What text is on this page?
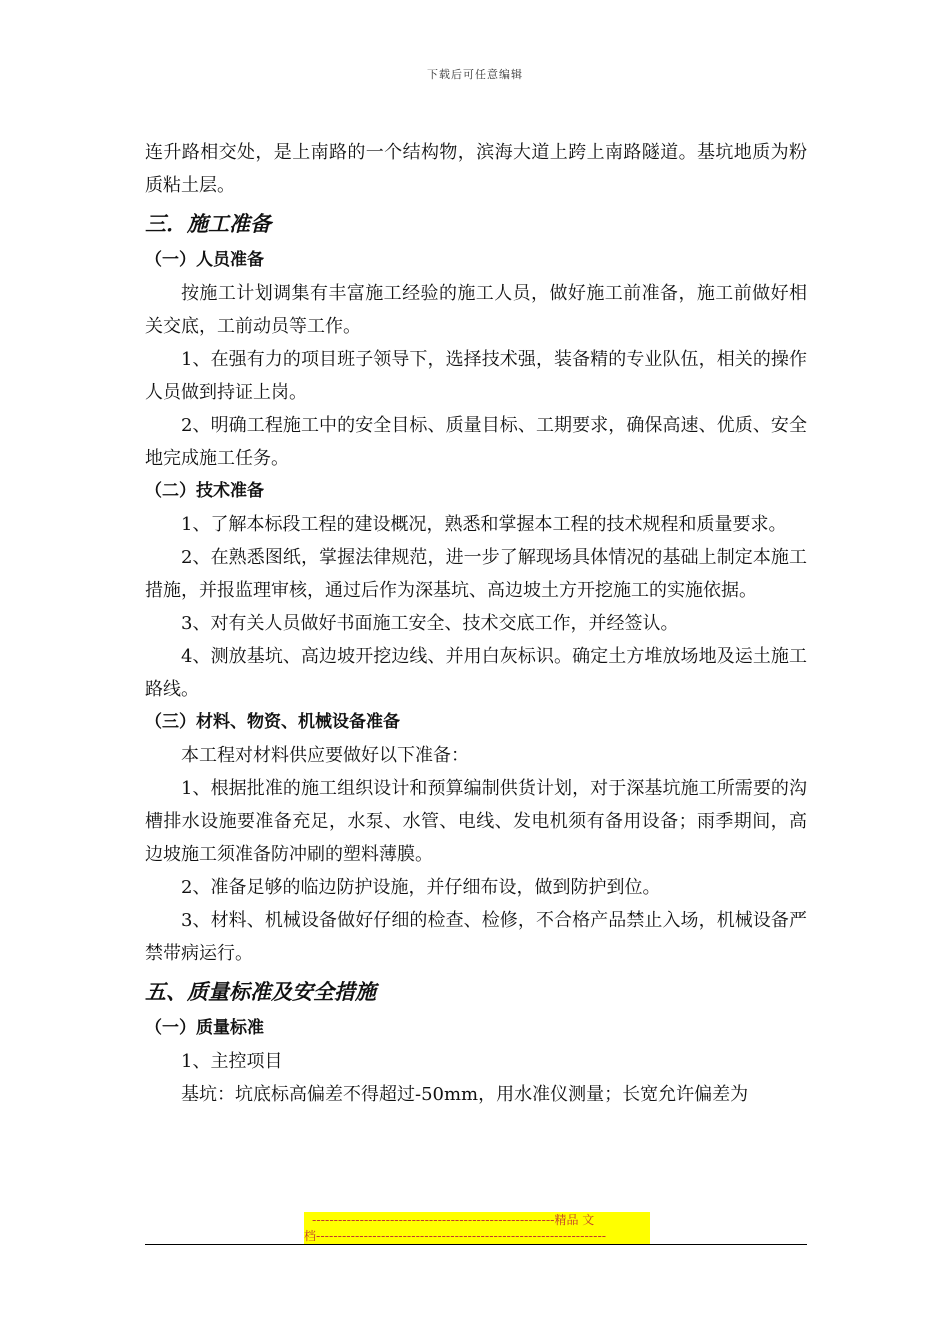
下载后可任意编辑

连升路相交处，是上南路的一个结构物，滨海大道上跨上南路隧道。基坑地质为粉质粘土层。

三．施工准备
（一）人员准备

按施工计划调集有丰富施工经验的施工人员，做好施工前准备，施工前做好相关交底，工前动员等工作。

1、在强有力的项目班子领导下，选择技术强，装备精的专业队伍，相关的操作人员做到持证上岗。

2、明确工程施工中的安全目标、质量目标、工期要求，确保高速、优质、安全地完成施工任务。

（二）技术准备

1、了解本标段工程的建设概况，熟悉和掌握本工程的技术规程和质量要求。

2、在熟悉图纸，掌握法律规范，进一步了解现场具体情况的基础上制定本施工措施，并报监理审核，通过后作为深基坑、高边坡土方开挖施工的实施依据。

3、对有关人员做好书面施工安全、技术交底工作，并经签认。

4、测放基坑、高边坡开挖边线、并用白灰标识。确定土方堆放场地及运土施工路线。

（三）材料、物资、机械设备准备

本工程对材料供应要做好以下准备：

1、根据批准的施工组织设计和预算编制供货计划，对于深基坑施工所需要的沟槽排水设施要准备充足，水泵、水管、电线、发电机须有备用设备；雨季期间，高边坡施工须准备防冲刷的塑料薄膜。

2、准备足够的临边防护设施，并仔细布设，做到防护到位。

3、材料、机械设备做好仔细的检查、检修，不合格产品禁止入场，机械设备严禁带病运行。

五、质量标准及安全措施
（一）质量标准

1、主控项目

基坑：坑底标高偏差不得超过-50mm，用水准仪测量；长宽允许偏差为

--------------------------------------------------------精品 文
档-------------------------------------------------------------------
